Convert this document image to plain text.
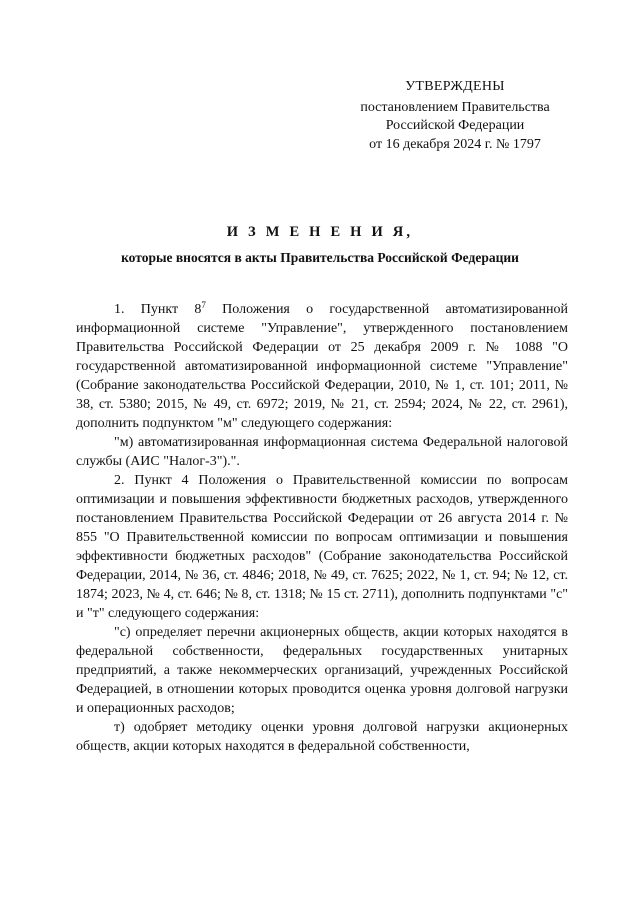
УТВЕРЖДЕНЫ
постановлением Правительства
Российской Федерации
от 16 декабря 2024 г. № 1797
И З М Е Н Е Н И Я,
которые вносятся в акты Правительства Российской Федерации

1. Пункт $8^7$ Положения о государственной автоматизированной информационной системе "Управление", утвержденного постановлением Правительства Российской Федерации от 25 декабря 2009 г. № 1088 "О государственной автоматизированной информационной системе "Управление" (Собрание законодательства Российской Федерации, 2010, № 1, ст. 101; 2011, № 38, ст. 5380; 2015, № 49, ст. 6972; 2019, № 21, ст. 2594; 2024, № 22, ст. 2961), дополнить подпунктом "м" следующего содержания:

"м) автоматизированная информационная система Федеральной налоговой службы (АИС "Налог-3").".

2. Пункт 4 Положения о Правительственной комиссии по вопросам оптимизации и повышения эффективности бюджетных расходов, утвержденного постановлением Правительства Российской Федерации от 26 августа 2014 г. № 855 "О Правительственной комиссии по вопросам оптимизации и повышения эффективности бюджетных расходов" (Собрание законодательства Российской Федерации, 2014, № 36, ст. 4846; 2018, № 49, ст. 7625; 2022, № 1, ст. 94; № 12, ст. 1874; 2023, № 4, ст. 646; № 8, ст. 1318; № 15 ст. 2711), дополнить подпунктами "с" и "т" следующего содержания:

"с) определяет перечни акционерных обществ, акции которых находятся в федеральной собственности, федеральных государственных унитарных предприятий, а также некоммерческих организаций, учрежденных Российской Федерацией, в отношении которых проводится оценка уровня долговой нагрузки и операционных расходов;

т) одобряет методику оценки уровня долговой нагрузки акционерных обществ, акции которых находятся в федеральной собственности,
